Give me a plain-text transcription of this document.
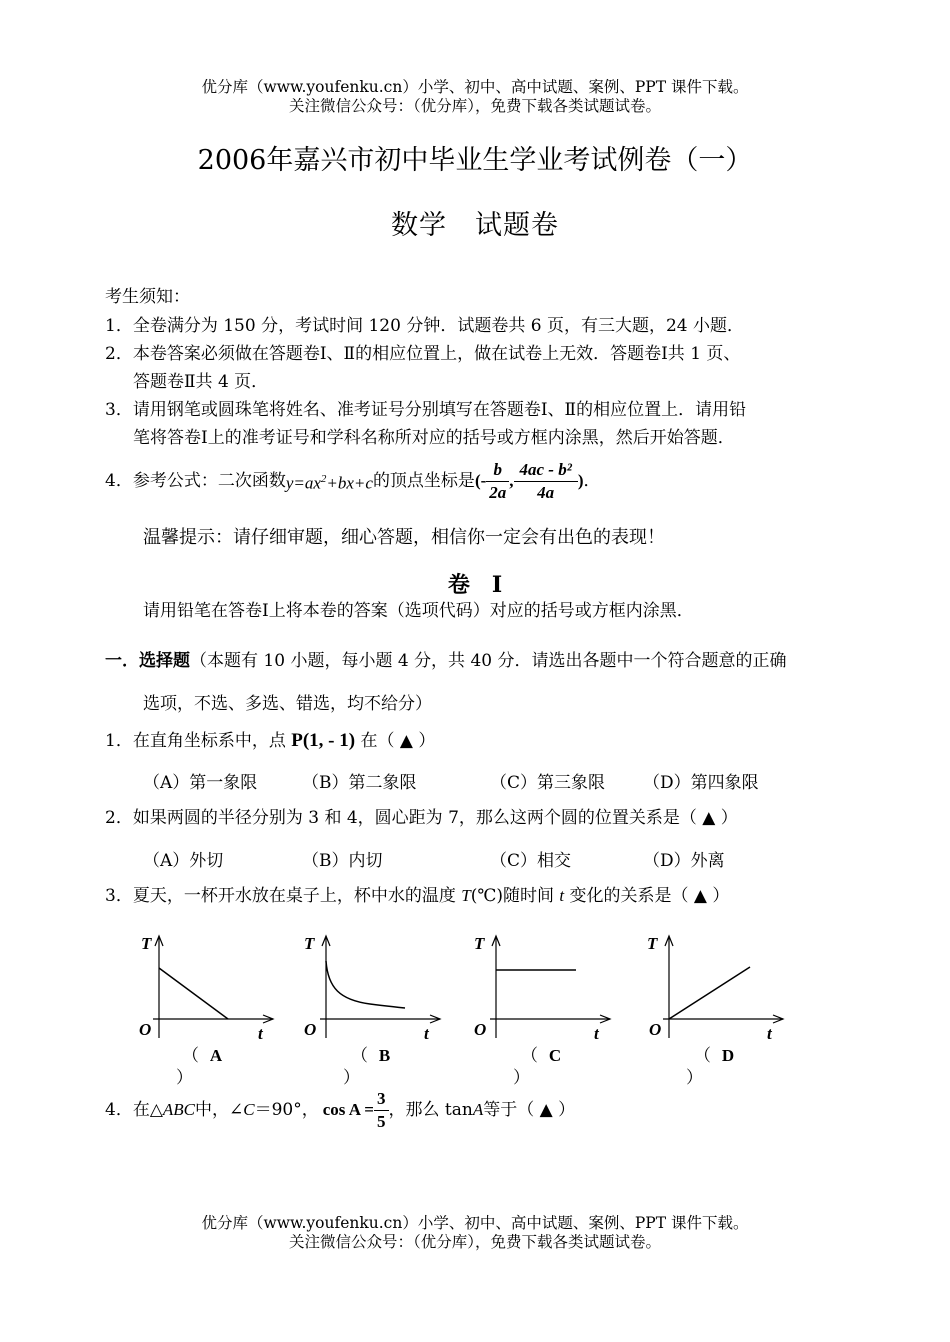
优分库（www.youfenku.cn）小学、初中、高中试题、案例、PPT 课件下载。
关注微信公众号：（优分库），免费下载各类试题试卷。
2006年嘉兴市初中毕业生学业考试例卷（一）
数学　试题卷
考生须知：
1．全卷满分为 150 分，考试时间 120 分钟．试题卷共 6 页，有三大题，24 小题．
2．本卷答案必须做在答题卷Ⅰ、Ⅱ的相应位置上，做在试卷上无效．答题卷Ⅰ共 1 页、
答题卷Ⅱ共 4 页．
3．请用钢笔或圆珠笔将姓名、准考证号分别填写在答题卷Ⅰ、Ⅱ的相应位置上．请用铅
笔将答卷Ⅰ上的准考证号和学科名称所对应的括号或方框内涂黑，然后开始答题．
4． 参考公式：二次函数 $y=ax^2+bx+c$ 的顶点坐标是 (- $\frac{b}{2a}$ , $\frac{\text{4ac - b²}}{4a}$ ) ．
温馨提示：请仔细审题，细心答题，相信你一定会有出色的表现！
卷　Ⅰ
请用铅笔在答卷Ⅰ上将本卷的答案（选项代码）对应的括号或方框内涂黑．
一．选择题（本题有 10 小题，每小题 4 分，共 40 分．请选出各题中一个符合题意的正确
选项，不选、多选、错选，均不给分）
1．在直角坐标系中，点 P(1, - 1) 在（ ▲ ）
（A）第一象限	（B）第二象限	（C）第三象限 （D）第四象限
2．如果两圆的半径分别为 3 和 4，圆心距为 7，那么这两个圆的位置关系是（ ▲ ）
（A）外切	（B）内切	（C）相交	（D）外离
3．夏天，一杯开水放在桌子上，杯中水的温度 T(℃)随时间 t 变化的关系是（ ▲ ）
T
O	t
（ A
）
T
O	t
（ B
）
T
O	t
（ C
）
T
O	t
（ D
）
4． 在△ ABC 中，∠ C ＝90°， $\cos A = \frac{3}{5}$ ，那么 tan A 等于（ ▲ ）
优分库（www.youfenku.cn）小学、初中、高中试题、案例、PPT 课件下载。
关注微信公众号：（优分库），免费下载各类试题试卷。
